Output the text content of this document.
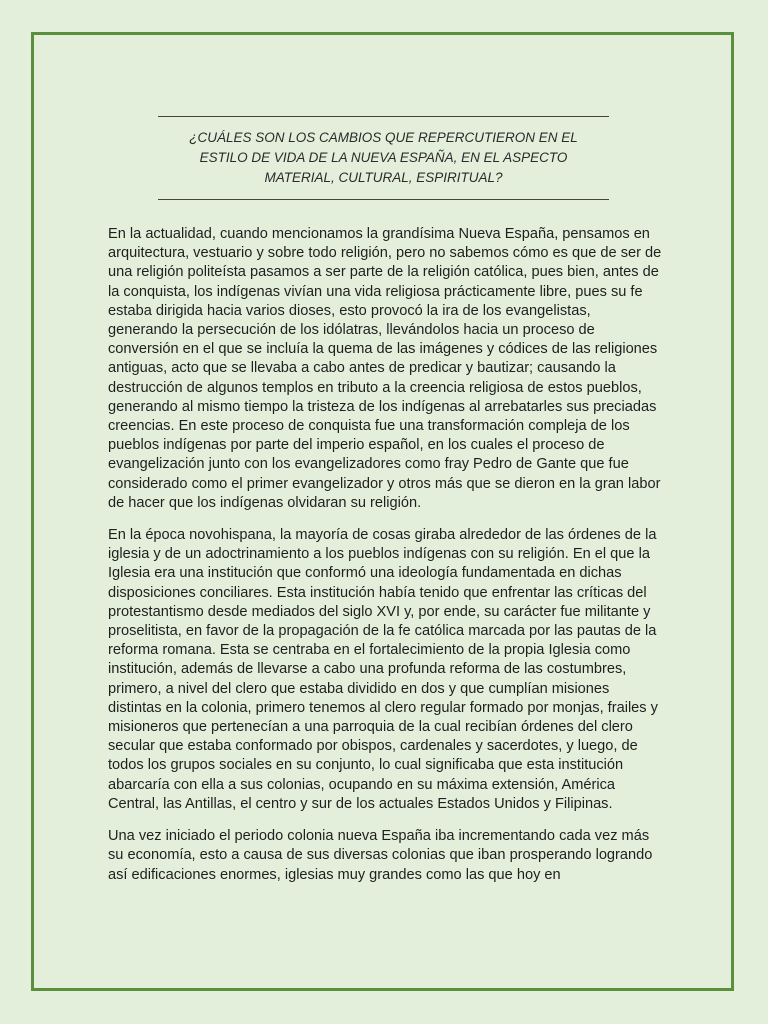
¿CUÁLES SON LOS CAMBIOS QUE REPERCUTIERON EN EL ESTILO DE VIDA DE LA NUEVA ESPAÑA, EN EL ASPECTO MATERIAL, CULTURAL, ESPIRITUAL?

En la actualidad, cuando mencionamos la grandísima Nueva España, pensamos en arquitectura, vestuario y sobre todo religión, pero no sabemos cómo es que de ser de una religión politeísta pasamos a ser parte de la religión católica, pues bien, antes de la conquista, los indígenas vivían una vida religiosa prácticamente libre, pues su fe estaba dirigida hacia varios dioses, esto provocó la ira de los evangelistas, generando la persecución de los idólatras, llevándolos hacia un proceso de conversión en el que se incluía la quema de las imágenes y códices de las religiones antiguas, acto que se llevaba a cabo antes de predicar y bautizar; causando la destrucción de algunos templos en tributo a la creencia religiosa de estos pueblos, generando al mismo tiempo la tristeza de los indígenas al arrebatarles sus preciadas creencias. En este proceso de conquista fue una transformación compleja de los pueblos indígenas por parte del imperio español, en los cuales el proceso de evangelización junto con los evangelizadores como fray Pedro de Gante que fue considerado como el primer evangelizador y otros más que se dieron en la gran labor de hacer que los indígenas olvidaran su religión.

En la época novohispana, la mayoría de cosas giraba alrededor de las órdenes de la iglesia y de un adoctrinamiento a los pueblos indígenas con su religión. En el que la Iglesia era una institución que conformó una ideología fundamentada en dichas disposiciones conciliares. Esta institución había tenido que enfrentar las críticas del protestantismo desde mediados del siglo XVI y, por ende, su carácter fue militante y proselitista, en favor de la propagación de la fe católica marcada por las pautas de la reforma romana. Esta se centraba en el fortalecimiento de la propia Iglesia como institución, además de llevarse a cabo una profunda reforma de las costumbres, primero, a nivel del clero que estaba dividido en dos y que cumplían misiones distintas en la colonia, primero tenemos al clero regular formado por monjas, frailes y misioneros que pertenecían a una parroquia de la cual recibían órdenes del clero secular que estaba conformado por obispos, cardenales y sacerdotes, y luego, de todos los grupos sociales en su conjunto, lo cual significaba que esta institución abarcaría con ella a sus colonias, ocupando en su máxima extensión, América Central, las Antillas, el centro y sur de los actuales Estados Unidos y Filipinas.

Una vez iniciado el periodo colonia nueva España iba incrementando cada vez más su economía, esto a causa de sus diversas colonias que iban prosperando logrando así edificaciones enormes, iglesias muy grandes como las que hoy en
